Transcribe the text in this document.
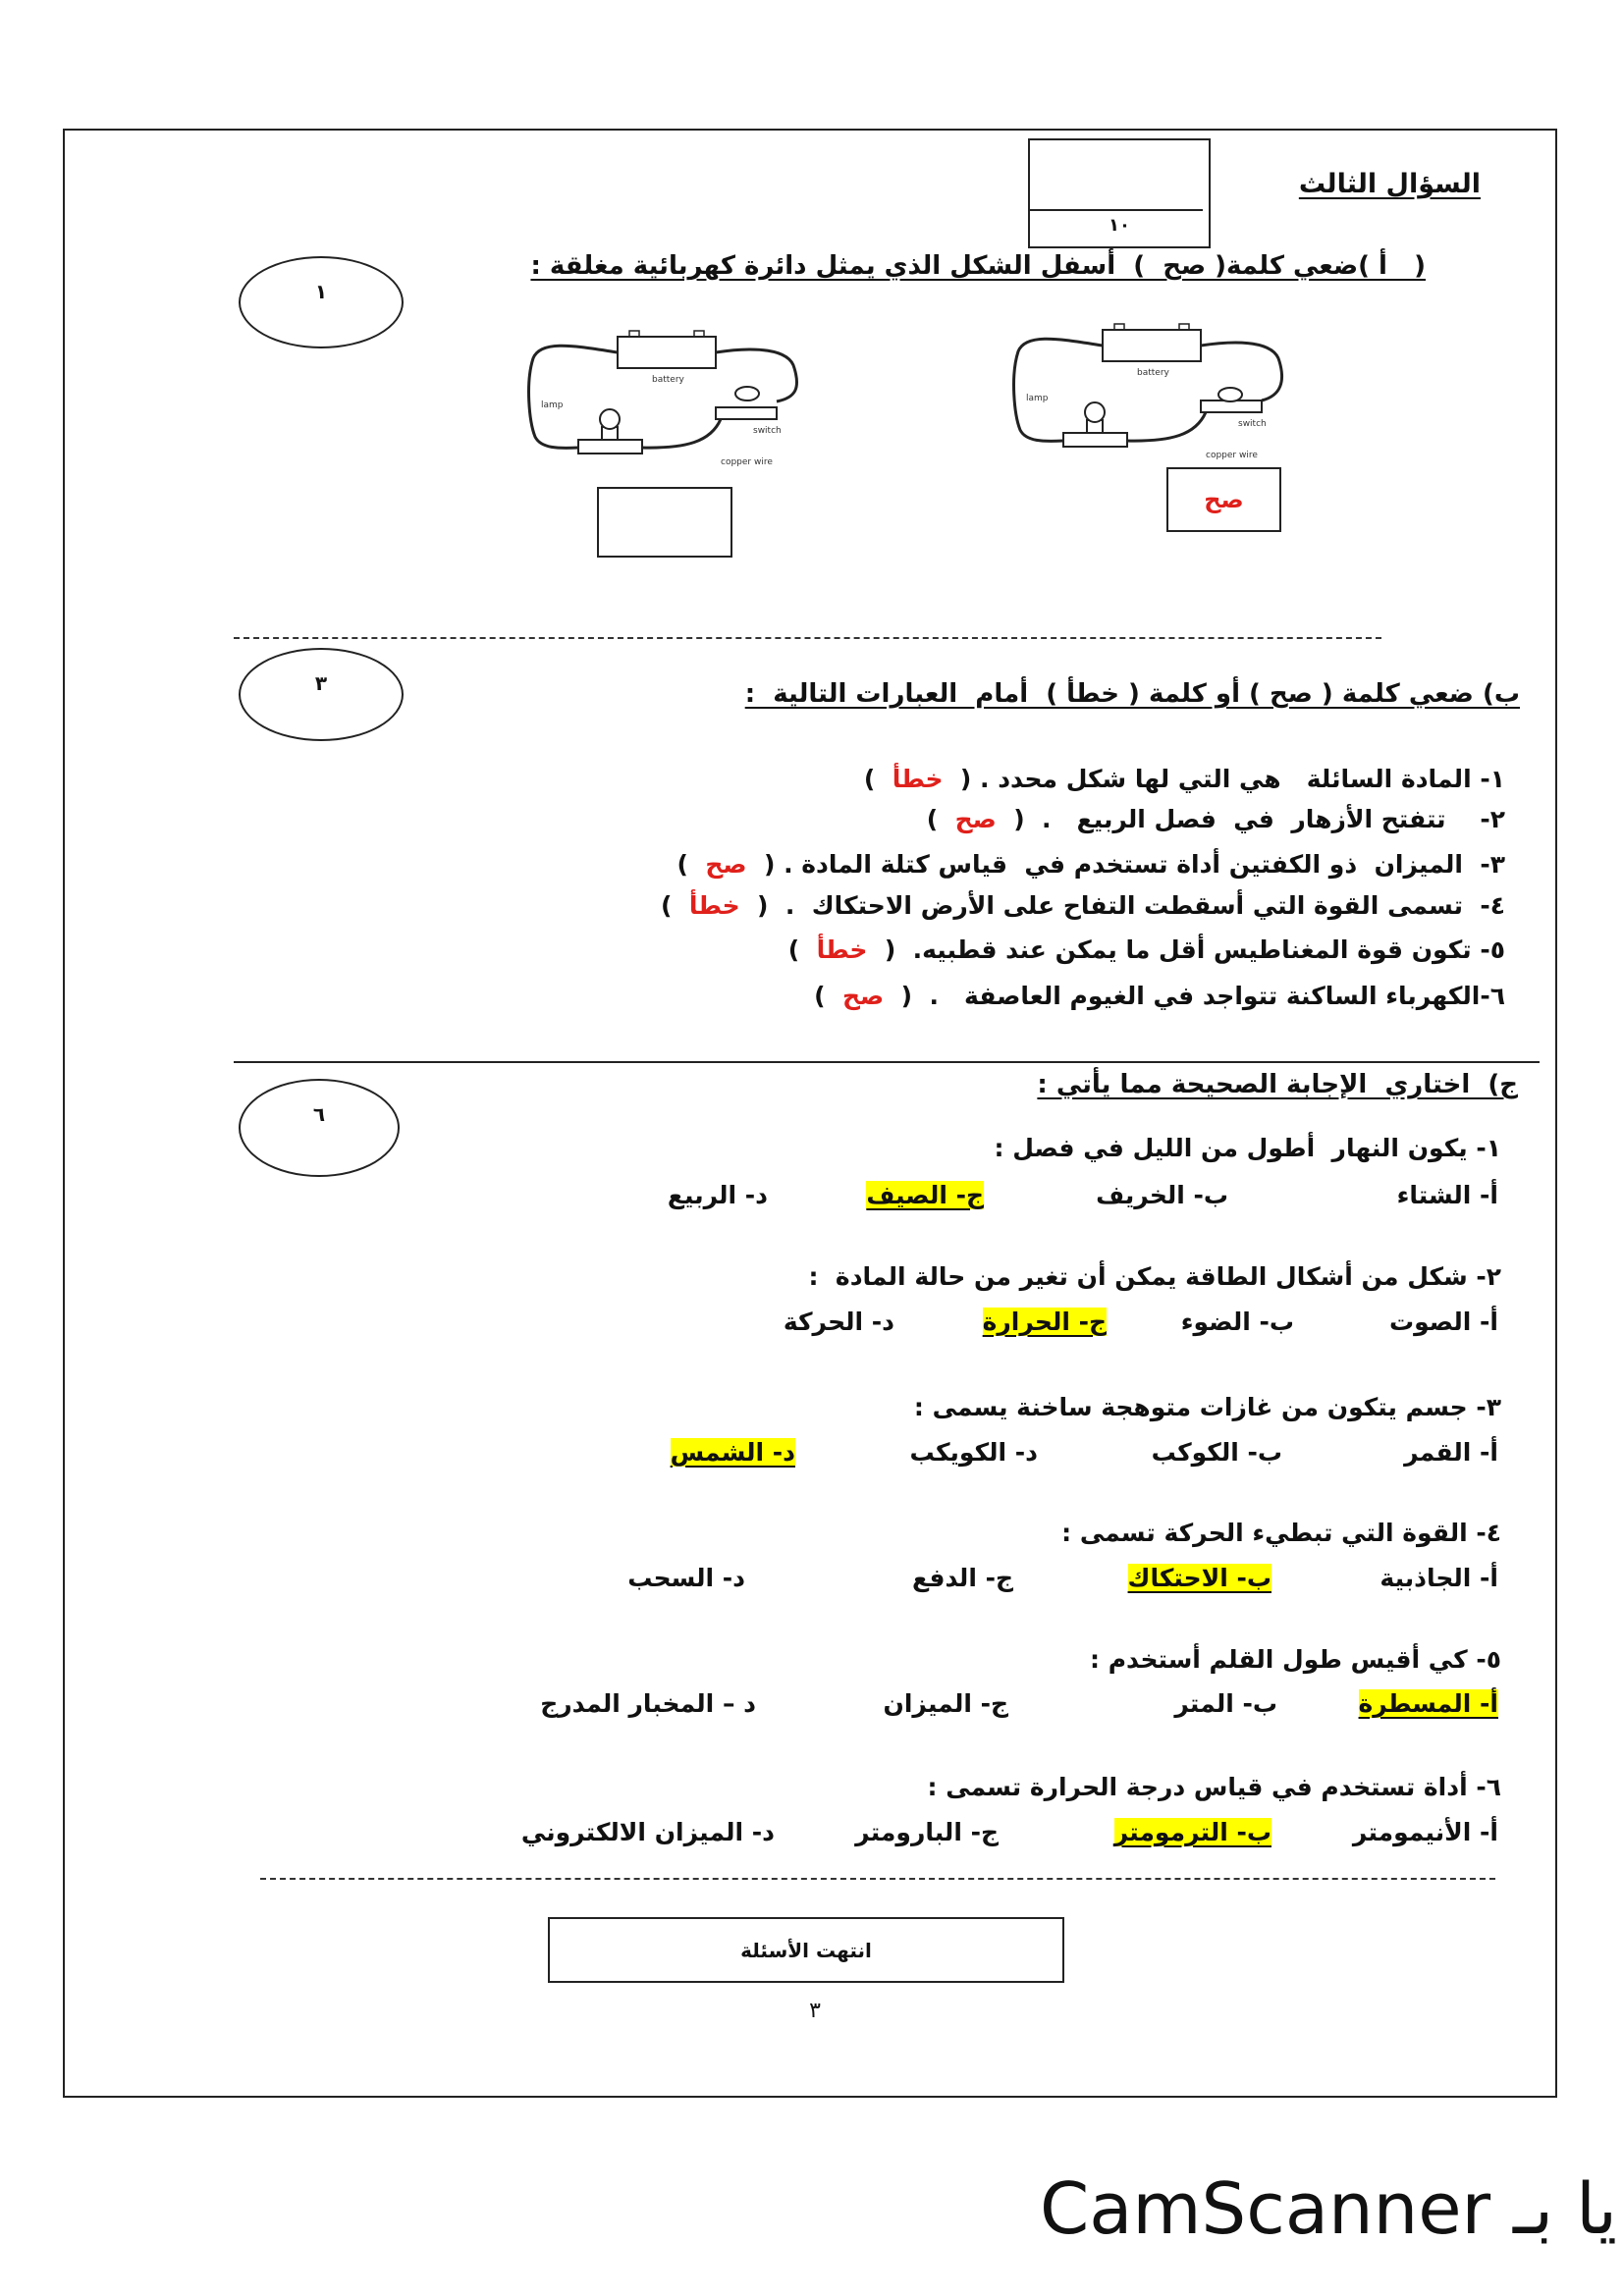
١٠
السؤال الثالث
١
(   أ )ضعي كلمة( صح  )  أسفل الشكل الذي يمثل دائرة كهربائية مغلقة :
battery
lamp
switch
copper wire
battery
lamp
switch
copper wire
صح
٣	ب) ضعي كلمة ( صح ) أو كلمة ( خطأ )  أمام  العبارات التالية  :
١- المادة السائلة   هي التي لها شكل محدد . (  خطأ  )
٢-    تتفتح الأزهار  في  فصل الربيع   .  (  صح  )
٣-  الميزان  ذو الكفتين أداة تستخدم في  قياس كتلة المادة . (  صح  )
٤-  تسمى القوة التي أسقطت التفاح على الأرض الاحتكاك  .  (  خطأ  )
٥- تكون قوة المغناطيس أقل ما يمكن عند قطبيه.  (  خطأ  )
٦-الكهرباء الساكنة تتواجد في الغيوم العاصفة   .  (  صح  )
٦
ج)  اختاري  الإجابة الصحيحة مما يأتي :
١- يكون النهار  أطول من الليل في فصل :
أ- الشتاء
ب- الخريف
ج- الصيف
د- الربيع
٢- شكل من أشكال الطاقة يمكن أن تغير من حالة المادة  :
أ- الصوت
ب- الضوء
ج- الحرارة
د- الحركة
٣- جسم يتكون من غازات متوهجة ساخنة يسمى :
أ- القمر
ب- الكوكب
د- الكويكب
د- الشمس
٤- القوة التي تبطيء الحركة تسمى :
أ- الجاذبية
ب- الاحتكاك
ج- الدفع
د- السحب
٥- كي أقيس طول القلم أستخدم :
أ- المسطرة
ب- المتر
ج- الميزان
د – المخبار المدرج
٦- أداة تستخدم في قياس درجة الحرارة تسمى :
أ- الأنيمومتر
ب- الترمومتر
ج- البارومتر
د- الميزان الالكتروني
انتهت الأسئلة
٣
يا بـ CamScanner
